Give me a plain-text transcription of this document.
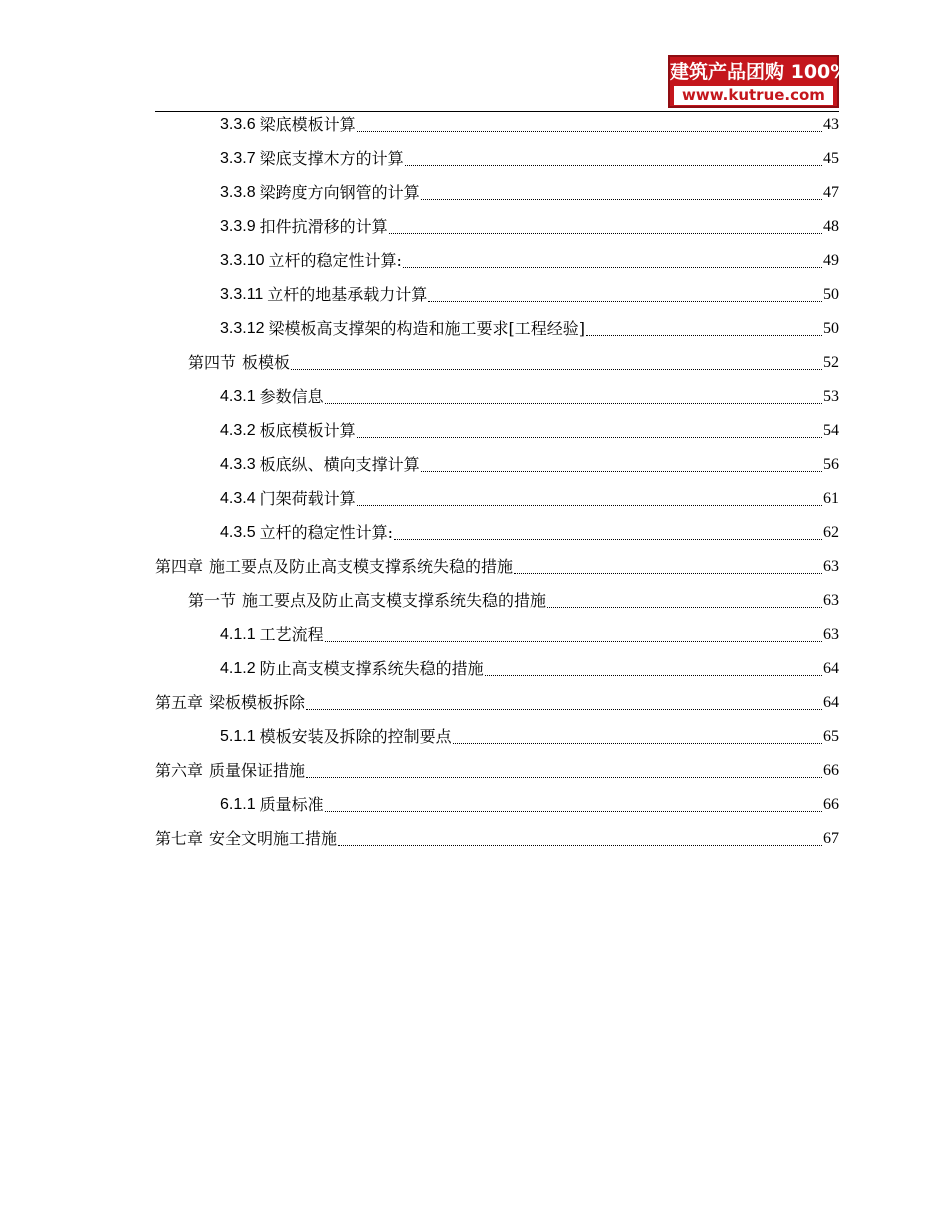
建筑产品团购 100%正品
www.kutrue.com
3.3.6 梁底模板计算	43
3.3.7 梁底支撑木方的计算	45
3.3.8 梁跨度方向钢管的计算	47
3.3.9 扣件抗滑移的计算	48
3.3.10 立杆的稳定性计算:	49
3.3.11 立杆的地基承载力计算	50
3.3.12 梁模板高支撑架的构造和施工要求[工程经验]	50
第四节 板模板	52
4.3.1 参数信息	53
4.3.2 板底模板计算	54
4.3.3 板底纵、横向支撑计算	56
4.3.4 门架荷载计算	61
4.3.5 立杆的稳定性计算:	62
第四章 施工要点及防止高支模支撑系统失稳的措施	63
第一节 施工要点及防止高支模支撑系统失稳的措施	63
4.1.1 工艺流程	63
4.1.2 防止高支模支撑系统失稳的措施	64
第五章 梁板模板拆除	64
5.1.1 模板安装及拆除的控制要点	65
第六章 质量保证措施	66
6.1.1 质量标准	66
第七章 安全文明施工措施	67
